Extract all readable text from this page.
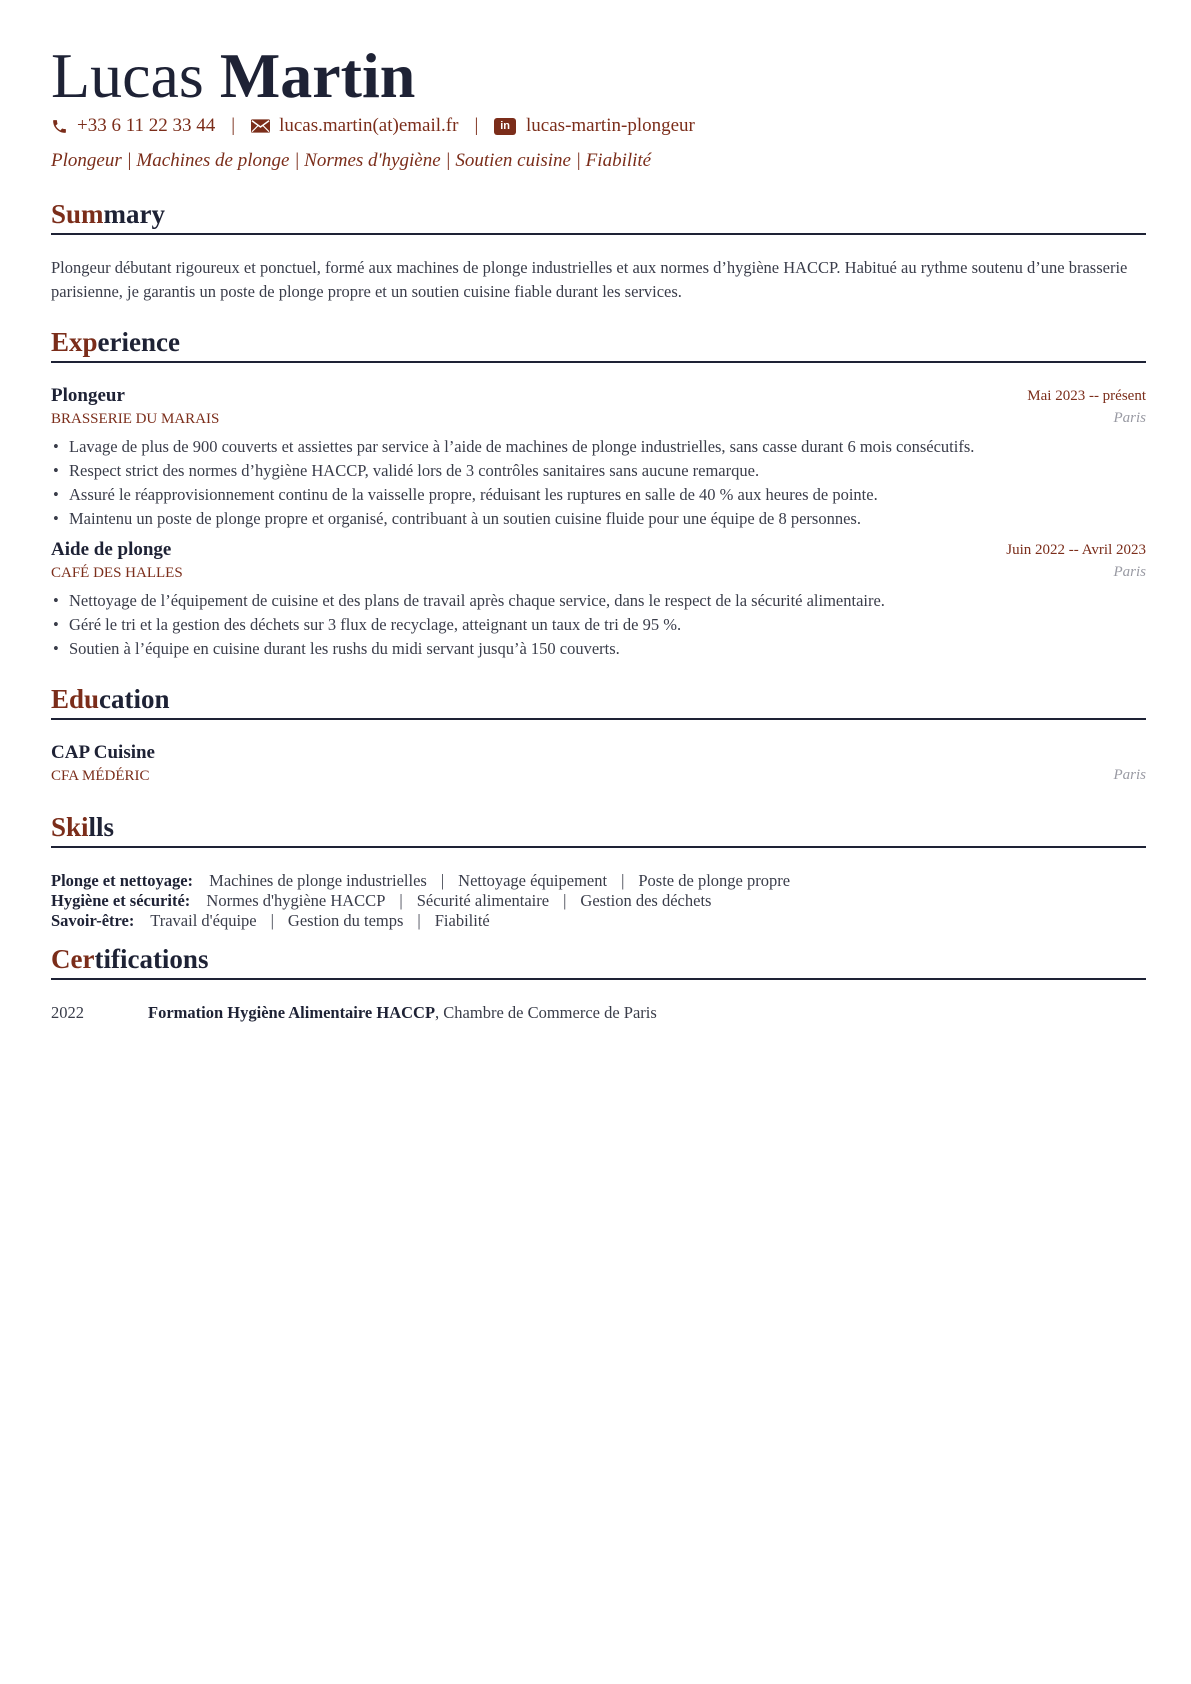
Lucas Martin
+33 6 11 22 33 44 | lucas.martin(at)email.fr |	in lucas-martin-plongeur
Plongeur | Machines de plonge | Normes d'hygiène | Soutien cuisine | Fiabilité
Summary
Plongeur débutant rigoureux et ponctuel, formé aux machines de plonge industrielles et aux normes d’hygiène HACCP. Habitué au rythme soutenu d’une brasserie parisienne, je garantis un poste de plonge propre et un soutien cuisine fiable durant les services.
Experience
Plongeur	Mai 2023 -- présent
BRASSERIE DU MARAIS	Paris
• Lavage de plus de 900 couverts et assiettes par service à l’aide de machines de plonge industrielles, sans casse durant 6 mois consécutifs.
• Respect strict des normes d’hygiène HACCP, validé lors de 3 contrôles sanitaires sans aucune remarque.
• Assuré le réapprovisionnement continu de la vaisselle propre, réduisant les ruptures en salle de 40 % aux heures de pointe.
• Maintenu un poste de plonge propre et organisé, contribuant à un soutien cuisine fluide pour une équipe de 8 personnes.
Aide de plonge	Juin 2022 -- Avril 2023
CAFÉ DES HALLES	Paris
• Nettoyage de l’équipement de cuisine et des plans de travail après chaque service, dans le respect de la sécurité alimentaire.
• Géré le tri et la gestion des déchets sur 3 flux de recyclage, atteignant un taux de tri de 95 %.
• Soutien à l’équipe en cuisine durant les rushs du midi servant jusqu’à 150 couverts.
Education
CAP Cuisine
CFA MÉDÉRIC	Paris
Skills
Plonge et nettoyage: Machines de plonge industrielles | Nettoyage équipement | Poste de plonge propre
Hygiène et sécurité: Normes d'hygiène HACCP | Sécurité alimentaire | Gestion des déchets
Savoir-être: Travail d'équipe | Gestion du temps | Fiabilité
Certifications
2022	Formation Hygiène Alimentaire HACCP, Chambre de Commerce de Paris
